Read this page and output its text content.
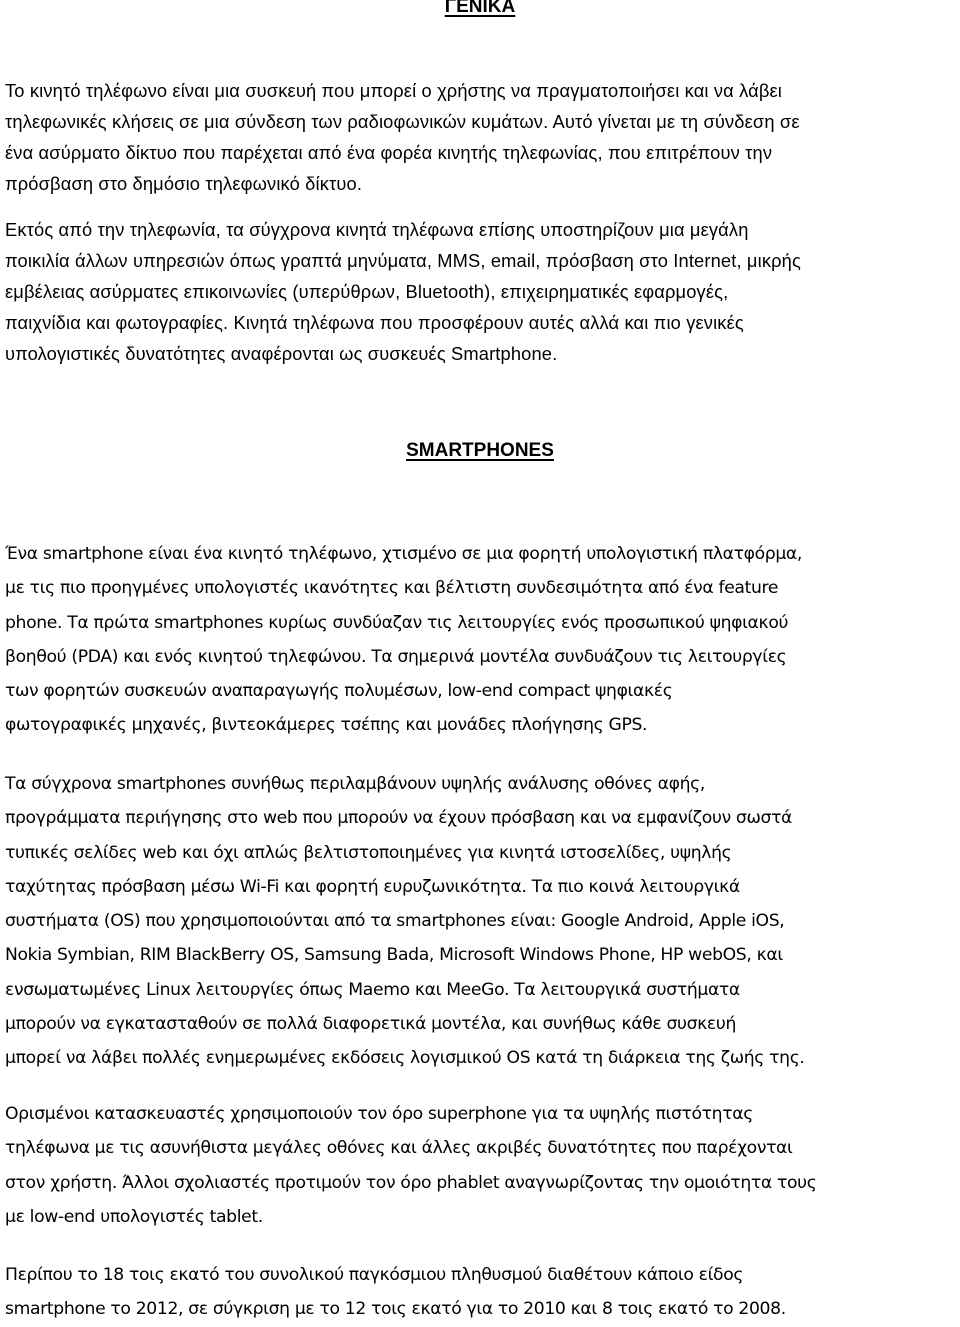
ΓΕΝΙΚΑ

Το κινητό τηλέφωνο είναι μια συσκευή που μπορεί ο χρήστης να πραγματοποιήσει και να λάβει
τηλεφωνικές κλήσεις σε μια σύνδεση των ραδιοφωνικών κυμάτων. Αυτό γίνεται με τη σύνδεση σε
ένα ασύρματο δίκτυο που παρέχεται από ένα φορέα κινητής τηλεφωνίας, που επιτρέπουν την
πρόσβαση στο δημόσιο τηλεφωνικό δίκτυο.

Εκτός από την τηλεφωνία, τα σύγχρονα κινητά τηλέφωνα επίσης υποστηρίζουν μια μεγάλη
ποικιλία άλλων υπηρεσιών όπως γραπτά μηνύματα, MMS, email, πρόσβαση στο Internet, μικρής
εμβέλειας ασύρματες επικοινωνίες (υπερύθρων, Bluetooth), επιχειρηματικές εφαρμογές,
παιχνίδια και φωτογραφίες. Κινητά τηλέφωνα που προσφέρουν αυτές αλλά και πιο γενικές
υπολογιστικές δυνατότητες αναφέρονται ως συσκευές Smartphone.

SMARTPHONES

Ένα smartphone είναι ένα κινητό τηλέφωνο, χτισμένο σε μια φορητή υπολογιστική πλατφόρμα,
με τις πιο προηγμένες υπολογιστές ικανότητες και βέλτιστη συνδεσιμότητα από ένα feature
phone. Τα πρώτα smartphones κυρίως συνδύαζαν τις λειτουργίες ενός προσωπικού ψηφιακού
βοηθού (PDA) και ενός κινητού τηλεφώνου. Τα σημερινά μοντέλα συνδυάζουν τις λειτουργίες
των φορητών συσκευών αναπαραγωγής πολυμέσων, low-end compact ψηφιακές
φωτογραφικές μηχανές, βιντεοκάμερες τσέπης και μονάδες πλοήγησης GPS.

Τα σύγχρονα smartphones συνήθως περιλαμβάνουν υψηλής ανάλυσης οθόνες αφής,
προγράμματα περιήγησης στο web που μπορούν να έχουν πρόσβαση και να εμφανίζουν σωστά
τυπικές σελίδες web και όχι απλώς βελτιστοποιημένες για κινητά ιστοσελίδες, υψηλής
ταχύτητας πρόσβαση μέσω Wi-Fi και φορητή ευρυζωνικότητα. Τα πιο κοινά λειτουργικά
συστήματα (OS) που χρησιμοποιούνται από τα smartphones είναι: Google Android, Apple iOS,
Nokia Symbian, RIM BlackBerry OS, Samsung Bada, Microsoft Windows Phone, HP webOS, και
ενσωματωμένες Linux λειτουργίες όπως Maemo και MeeGo. Τα λειτουργικά συστήματα
μπορούν να εγκατασταθούν σε πολλά διαφορετικά μοντέλα, και συνήθως κάθε συσκευή
μπορεί να λάβει πολλές ενημερωμένες εκδόσεις λογισμικού OS κατά τη διάρκεια της ζωής της.

Ορισμένοι κατασκευαστές χρησιμοποιούν τον όρο superphone για τα υψηλής πιστότητας
τηλέφωνα με τις ασυνήθιστα μεγάλες οθόνες και άλλες ακριβές δυνατότητες που παρέχονται
στον χρήστη. Άλλοι σχολιαστές προτιμούν τον όρο phablet αναγνωρίζοντας την ομοιότητα τους
με low-end υπολογιστές tablet.

Περίπου το 18 τοις εκατό του συνολικού παγκόσμιου πληθυσμού διαθέτουν κάποιο είδος
smartphone το 2012, σε σύγκριση με το 12 τοις εκατό για το 2010 και 8 τοις εκατό το 2008.
